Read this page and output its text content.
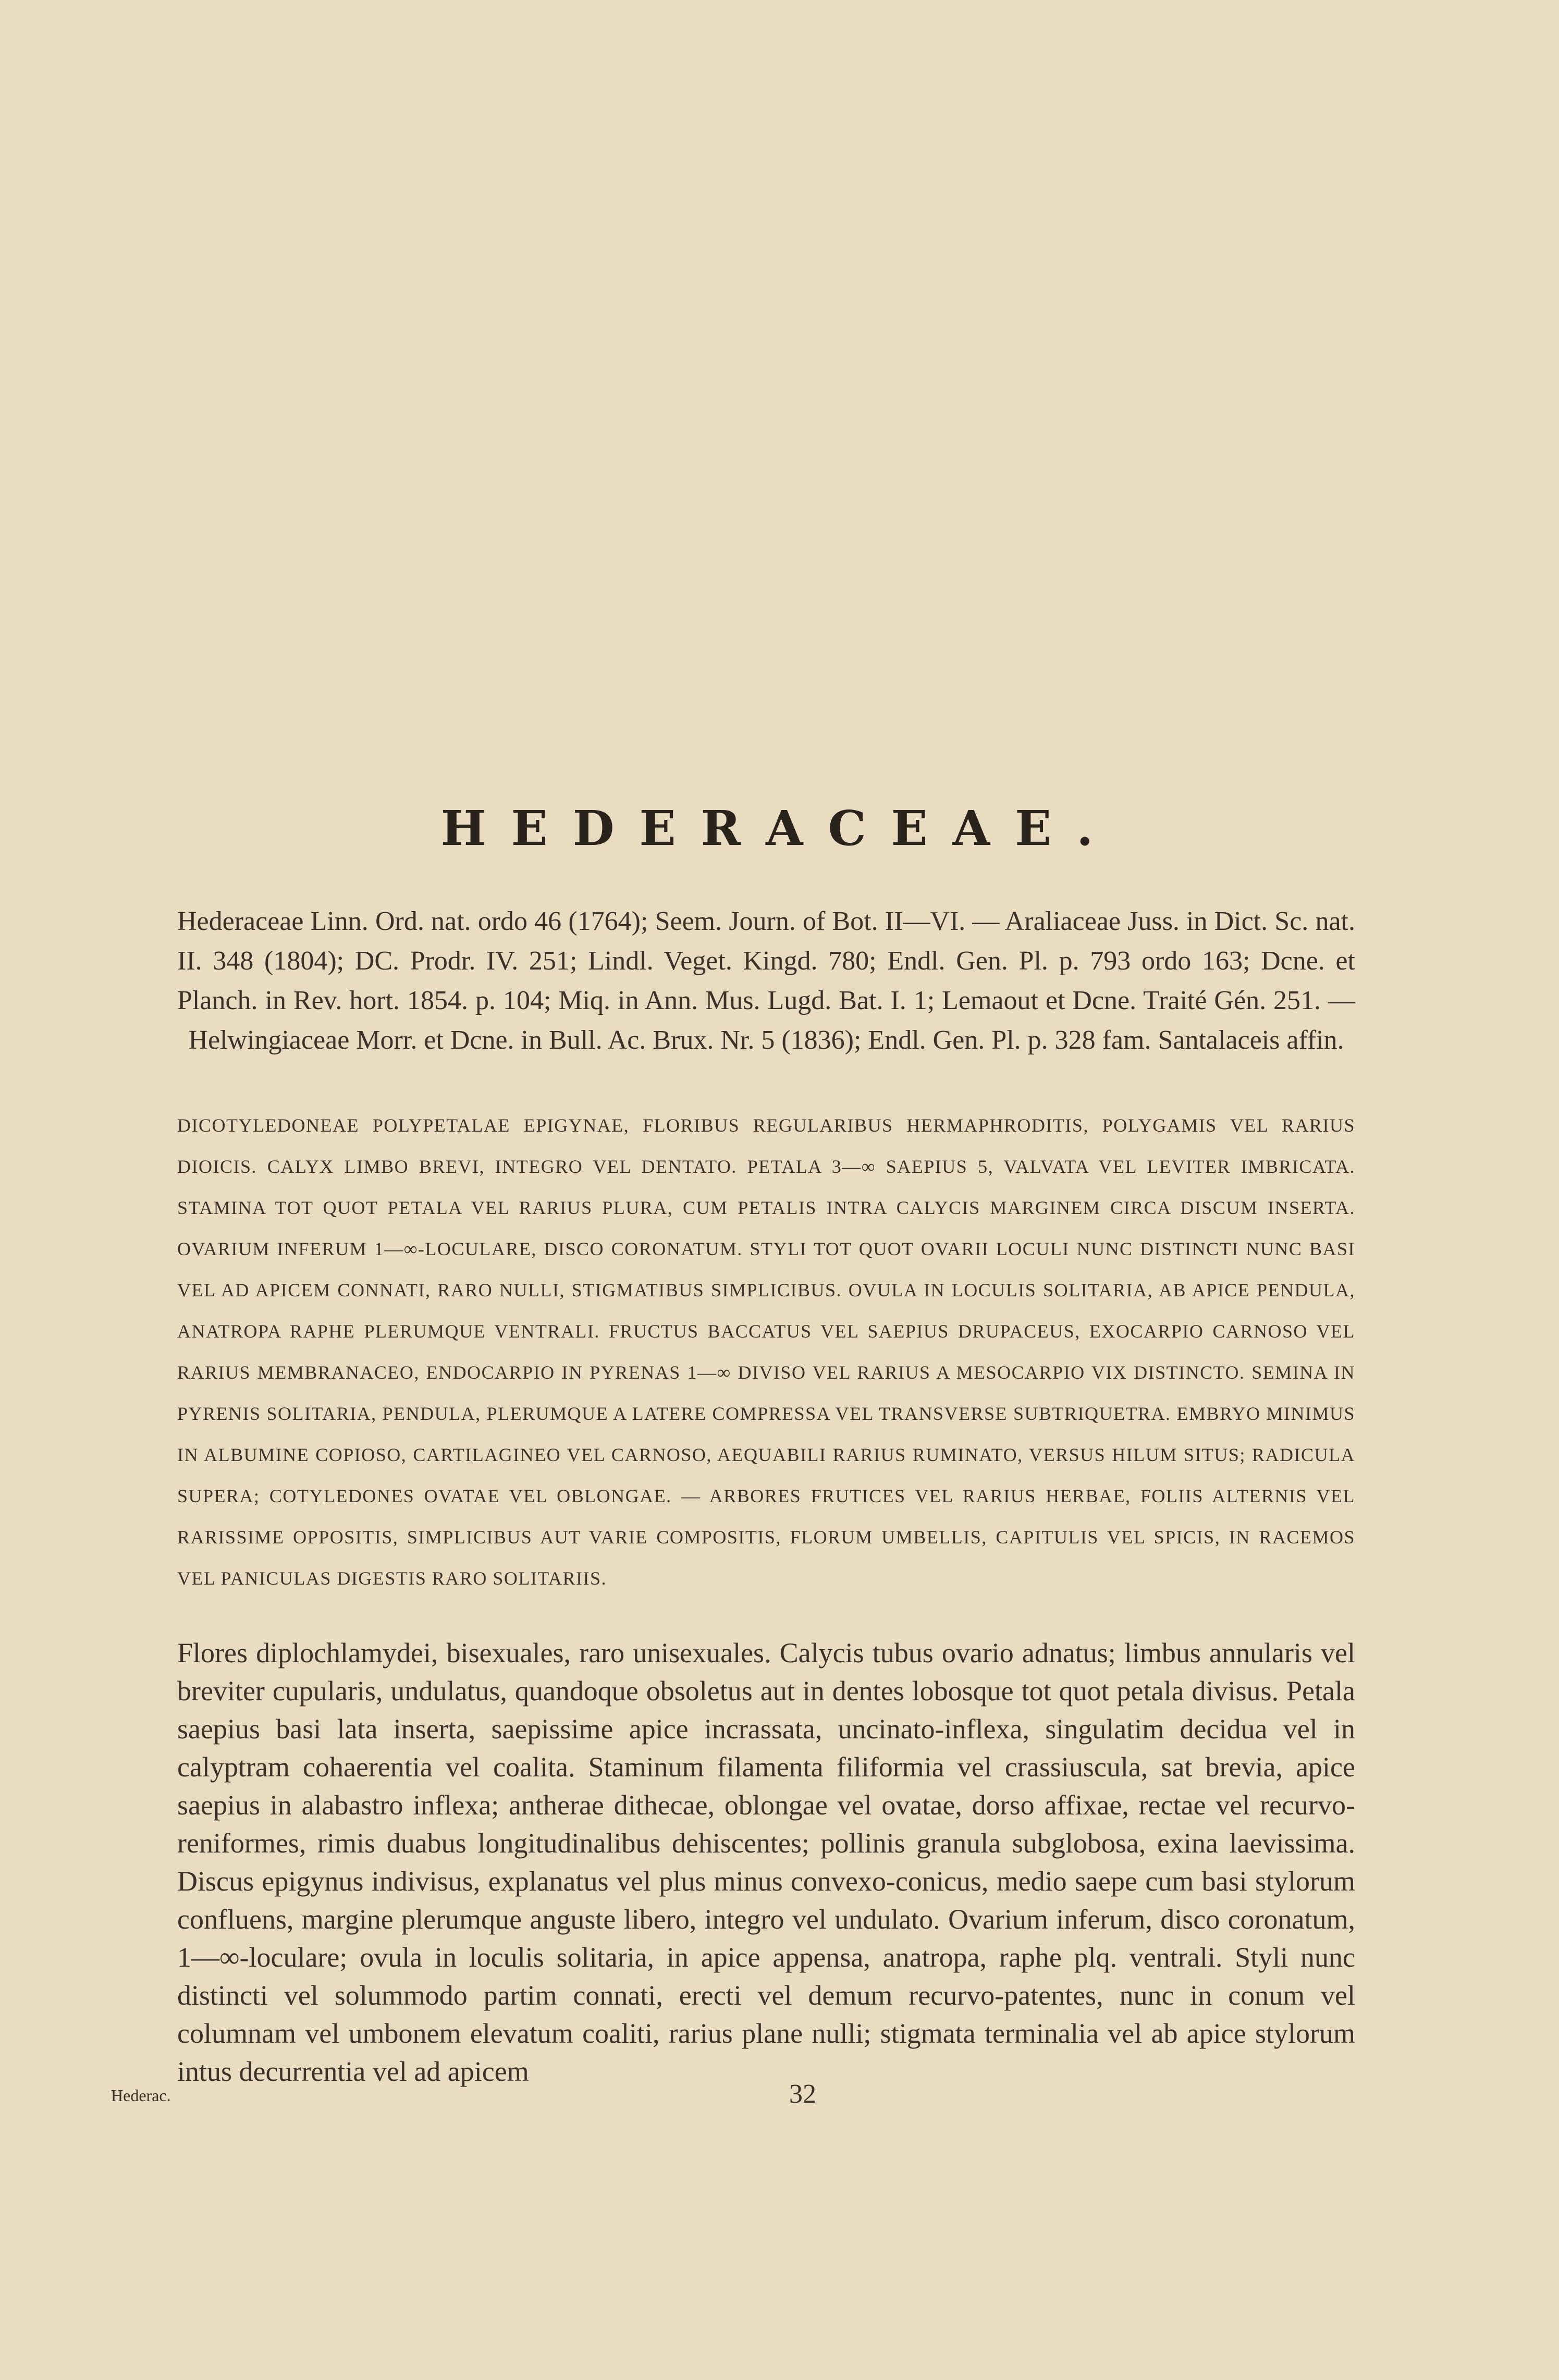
HEDERACEAE.

Hederaceae Linn. Ord. nat. ordo 46 (1764); Seem. Journ. of Bot. II—VI. — Araliaceae Juss. in Dict. Sc. nat. II. 348 (1804); DC. Prodr. IV. 251; Lindl. Veget. Kingd. 780; Endl. Gen. Pl. p. 793 ordo 163; Dcne. et Planch. in Rev. hort. 1854. p. 104; Miq. in Ann. Mus. Lugd. Bat. I. 1; Lemaout et Dcne. Traité Gén. 251. — Helwingiaceae Morr. et Dcne. in Bull. Ac. Brux. Nr. 5 (1836); Endl. Gen. Pl. p. 328 fam. Santalaceis affin.

DICOTYLEDONEAE POLYPETALAE EPIGYNAE, FLORIBUS REGULARIBUS HERMAPHRODITIS, POLYGAMIS VEL RARIUS DIOICIS. CALYX LIMBO BREVI, INTEGRO VEL DENTATO. PETALA 3—∞ SAEPIUS 5, VALVATA VEL LEVITER IMBRICATA. STAMINA TOT QUOT PETALA VEL RARIUS PLURA, CUM PETALIS INTRA CALYCIS MARGINEM CIRCA DISCUM INSERTA. OVARIUM INFERUM 1—∞-LOCULARE, DISCO CORONATUM. STYLI TOT QUOT OVARII LOCULI NUNC DISTINCTI NUNC BASI VEL AD APICEM CONNATI, RARO NULLI, STIGMATIBUS SIMPLICIBUS. OVULA IN LOCULIS SOLITARIA, AB APICE PENDULA, ANATROPA RAPHE PLERUMQUE VENTRALI. FRUCTUS BACCATUS VEL SAEPIUS DRUPACEUS, EXOCARPIO CARNOSO VEL RARIUS MEMBRANACEO, ENDOCARPIO IN PYRENAS 1—∞ DIVISO VEL RARIUS A MESOCARPIO VIX DISTINCTO. SEMINA IN PYRENIS SOLITARIA, PENDULA, PLERUMQUE A LATERE COMPRESSA VEL TRANSVERSE SUBTRIQUETRA. EMBRYO MINIMUS IN ALBUMINE COPIOSO, CARTILAGINEO VEL CARNOSO, AEQUABILI RARIUS RUMINATO, VERSUS HILUM SITUS; RADICULA SUPERA; COTYLEDONES OVATAE VEL OBLONGAE. — ARBORES FRUTICES VEL RARIUS HERBAE, FOLIIS ALTERNIS VEL RARISSIME OPPOSITIS, SIMPLICIBUS AUT VARIE COMPOSITIS, FLORUM UMBELLIS, CAPITULIS VEL SPICIS, IN RACEMOS VEL PANICULAS DIGESTIS RARO SOLITARIIS.

Flores diplochlamydei, bisexuales, raro unisexuales. Calycis tubus ovario adnatus; limbus annularis vel breviter cupularis, undulatus, quandoque obsoletus aut in dentes lobosque tot quot petala divisus. Petala saepius basi lata inserta, saepissime apice incrassata, uncinato-inflexa, singulatim decidua vel in calyptram cohaerentia vel coalita. Staminum filamenta filiformia vel crassiuscula, sat brevia, apice saepius in alabastro inflexa; antherae dithecae, oblongae vel ovatae, dorso affixae, rectae vel recurvo-reniformes, rimis duabus longitudinalibus dehiscentes; pollinis granula subglobosa, exina laevissima. Discus epigynus indivisus, explanatus vel plus minus convexo-conicus, medio saepe cum basi stylorum confluens, margine plerumque anguste libero, integro vel undulato. Ovarium inferum, disco coronatum, 1—∞-loculare; ovula in loculis solitaria, in apice appensa, anatropa, raphe plq. ventrali. Styli nunc distincti vel solummodo partim connati, erecti vel demum recurvo-patentes, nunc in conum vel columnam vel umbonem elevatum coaliti, rarius plane nulli; stigmata terminalia vel ab apice stylorum intus decurrentia vel ad apicem

Hederac.	32
